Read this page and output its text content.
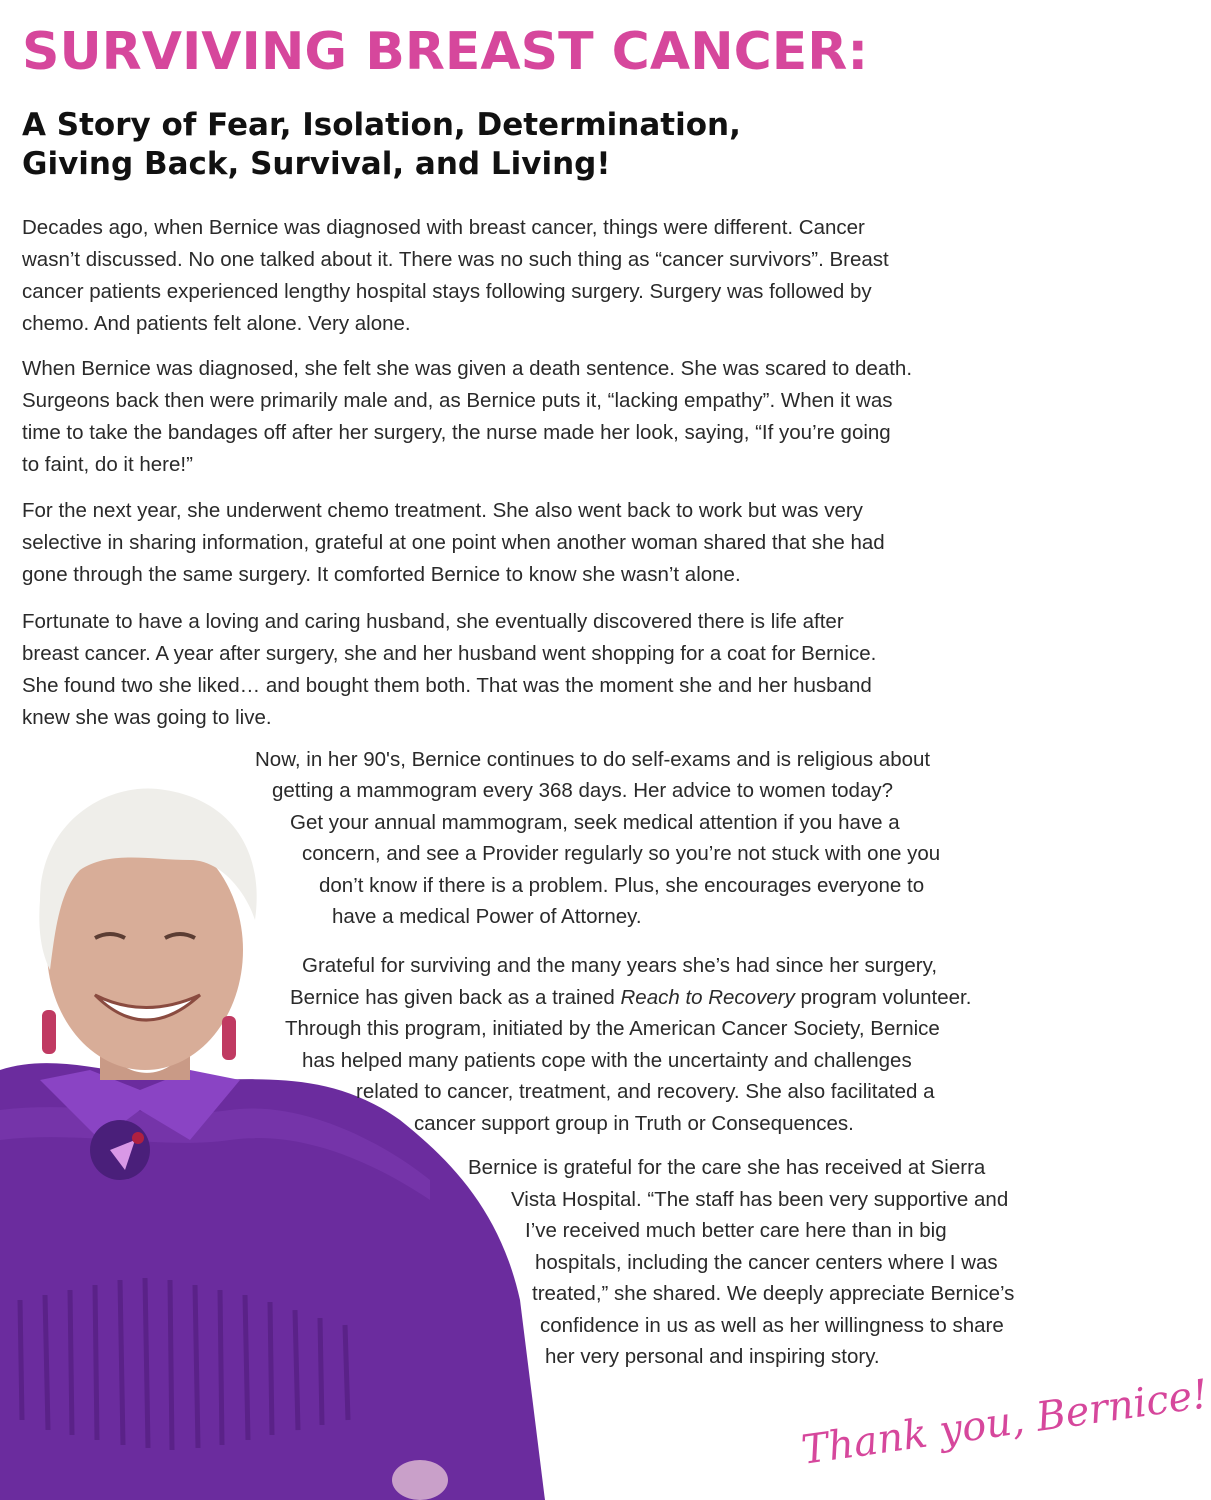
SURVIVING BREAST CANCER:
A Story of Fear, Isolation, Determination,
Giving Back, Survival, and Living!
Decades ago, when Bernice was diagnosed with breast cancer, things were different. Cancer
wasn’t discussed. No one talked about it. There was no such thing as “cancer survivors”. Breast
cancer patients experienced lengthy hospital stays following surgery. Surgery was followed by
chemo. And patients felt alone. Very alone.
When Bernice was diagnosed, she felt she was given a death sentence. She was scared to death.
Surgeons back then were primarily male and, as Bernice puts it, “lacking empathy”. When it was
time to take the bandages off after her surgery, the nurse made her look, saying, “If you’re going
to faint, do it here!”
For the next year, she underwent chemo treatment. She also went back to work but was very
selective in sharing information, grateful at one point when another woman shared that she had
gone through the same surgery. It comforted Bernice to know she wasn’t alone.
Fortunate to have a loving and caring husband, she eventually discovered there is life after
breast cancer. A year after surgery, she and her husband went shopping for a coat for Bernice.
She found two she liked… and bought them both. That was the moment she and her husband
knew she was going to live.
Now, in her 90's, Bernice continues to do self-exams and is religious about
getting a mammogram every 368 days. Her advice to women today?
Get your annual mammogram, seek medical attention if you have a
concern, and see a Provider regularly so you’re not stuck with one you
don’t know if there is a problem. Plus, she encourages everyone to
have a medical Power of Attorney.
Grateful for surviving and the many years she’s had since her surgery,
Bernice has given back as a trained Reach to Recovery program volunteer.
Through this program, initiated by the American Cancer Society, Bernice
has helped many patients cope with the uncertainty and challenges
related to cancer, treatment, and recovery. She also facilitated a
cancer support group in Truth or Consequences.
Bernice is grateful for the care she has received at Sierra
Vista Hospital. “The staff has been very supportive and
I’ve received much better care here than in big
hospitals, including the cancer centers where I was
treated,” she shared. We deeply appreciate Bernice’s
confidence in us as well as her willingness to share
her very personal and inspiring story.

Thank you, Bernice!
